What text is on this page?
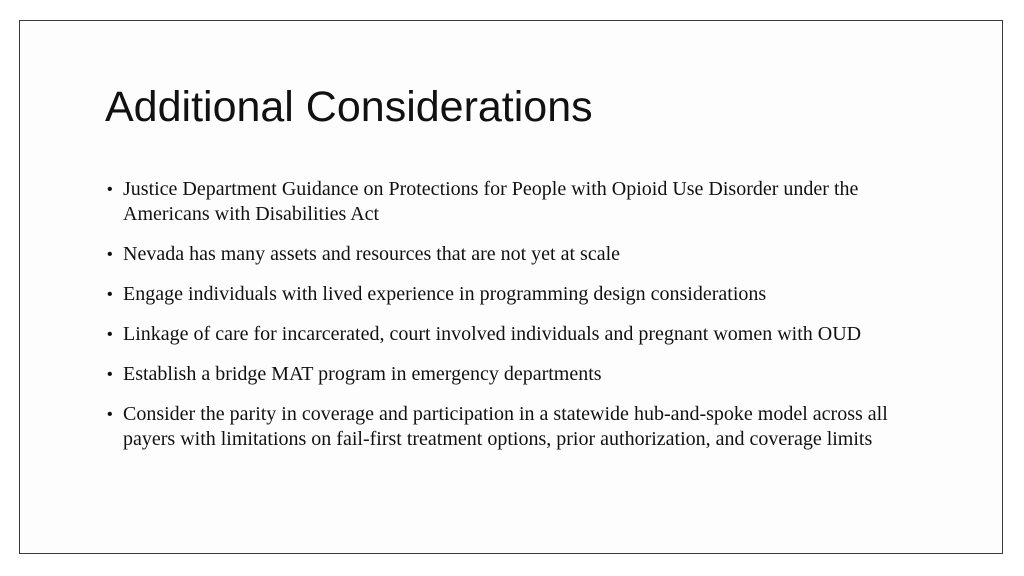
Additional Considerations
• Justice Department Guidance on Protections for People with Opioid Use Disorder under the Americans with Disabilities Act
• Nevada has many assets and resources that are not yet at scale
• Engage individuals with lived experience in programming design considerations
• Linkage of care for incarcerated, court involved individuals and pregnant women with OUD
• Establish a bridge MAT program in emergency departments
• Consider the parity in coverage and participation in a statewide hub-and-spoke model across all payers with limitations on fail-first treatment options, prior authorization, and coverage limits
